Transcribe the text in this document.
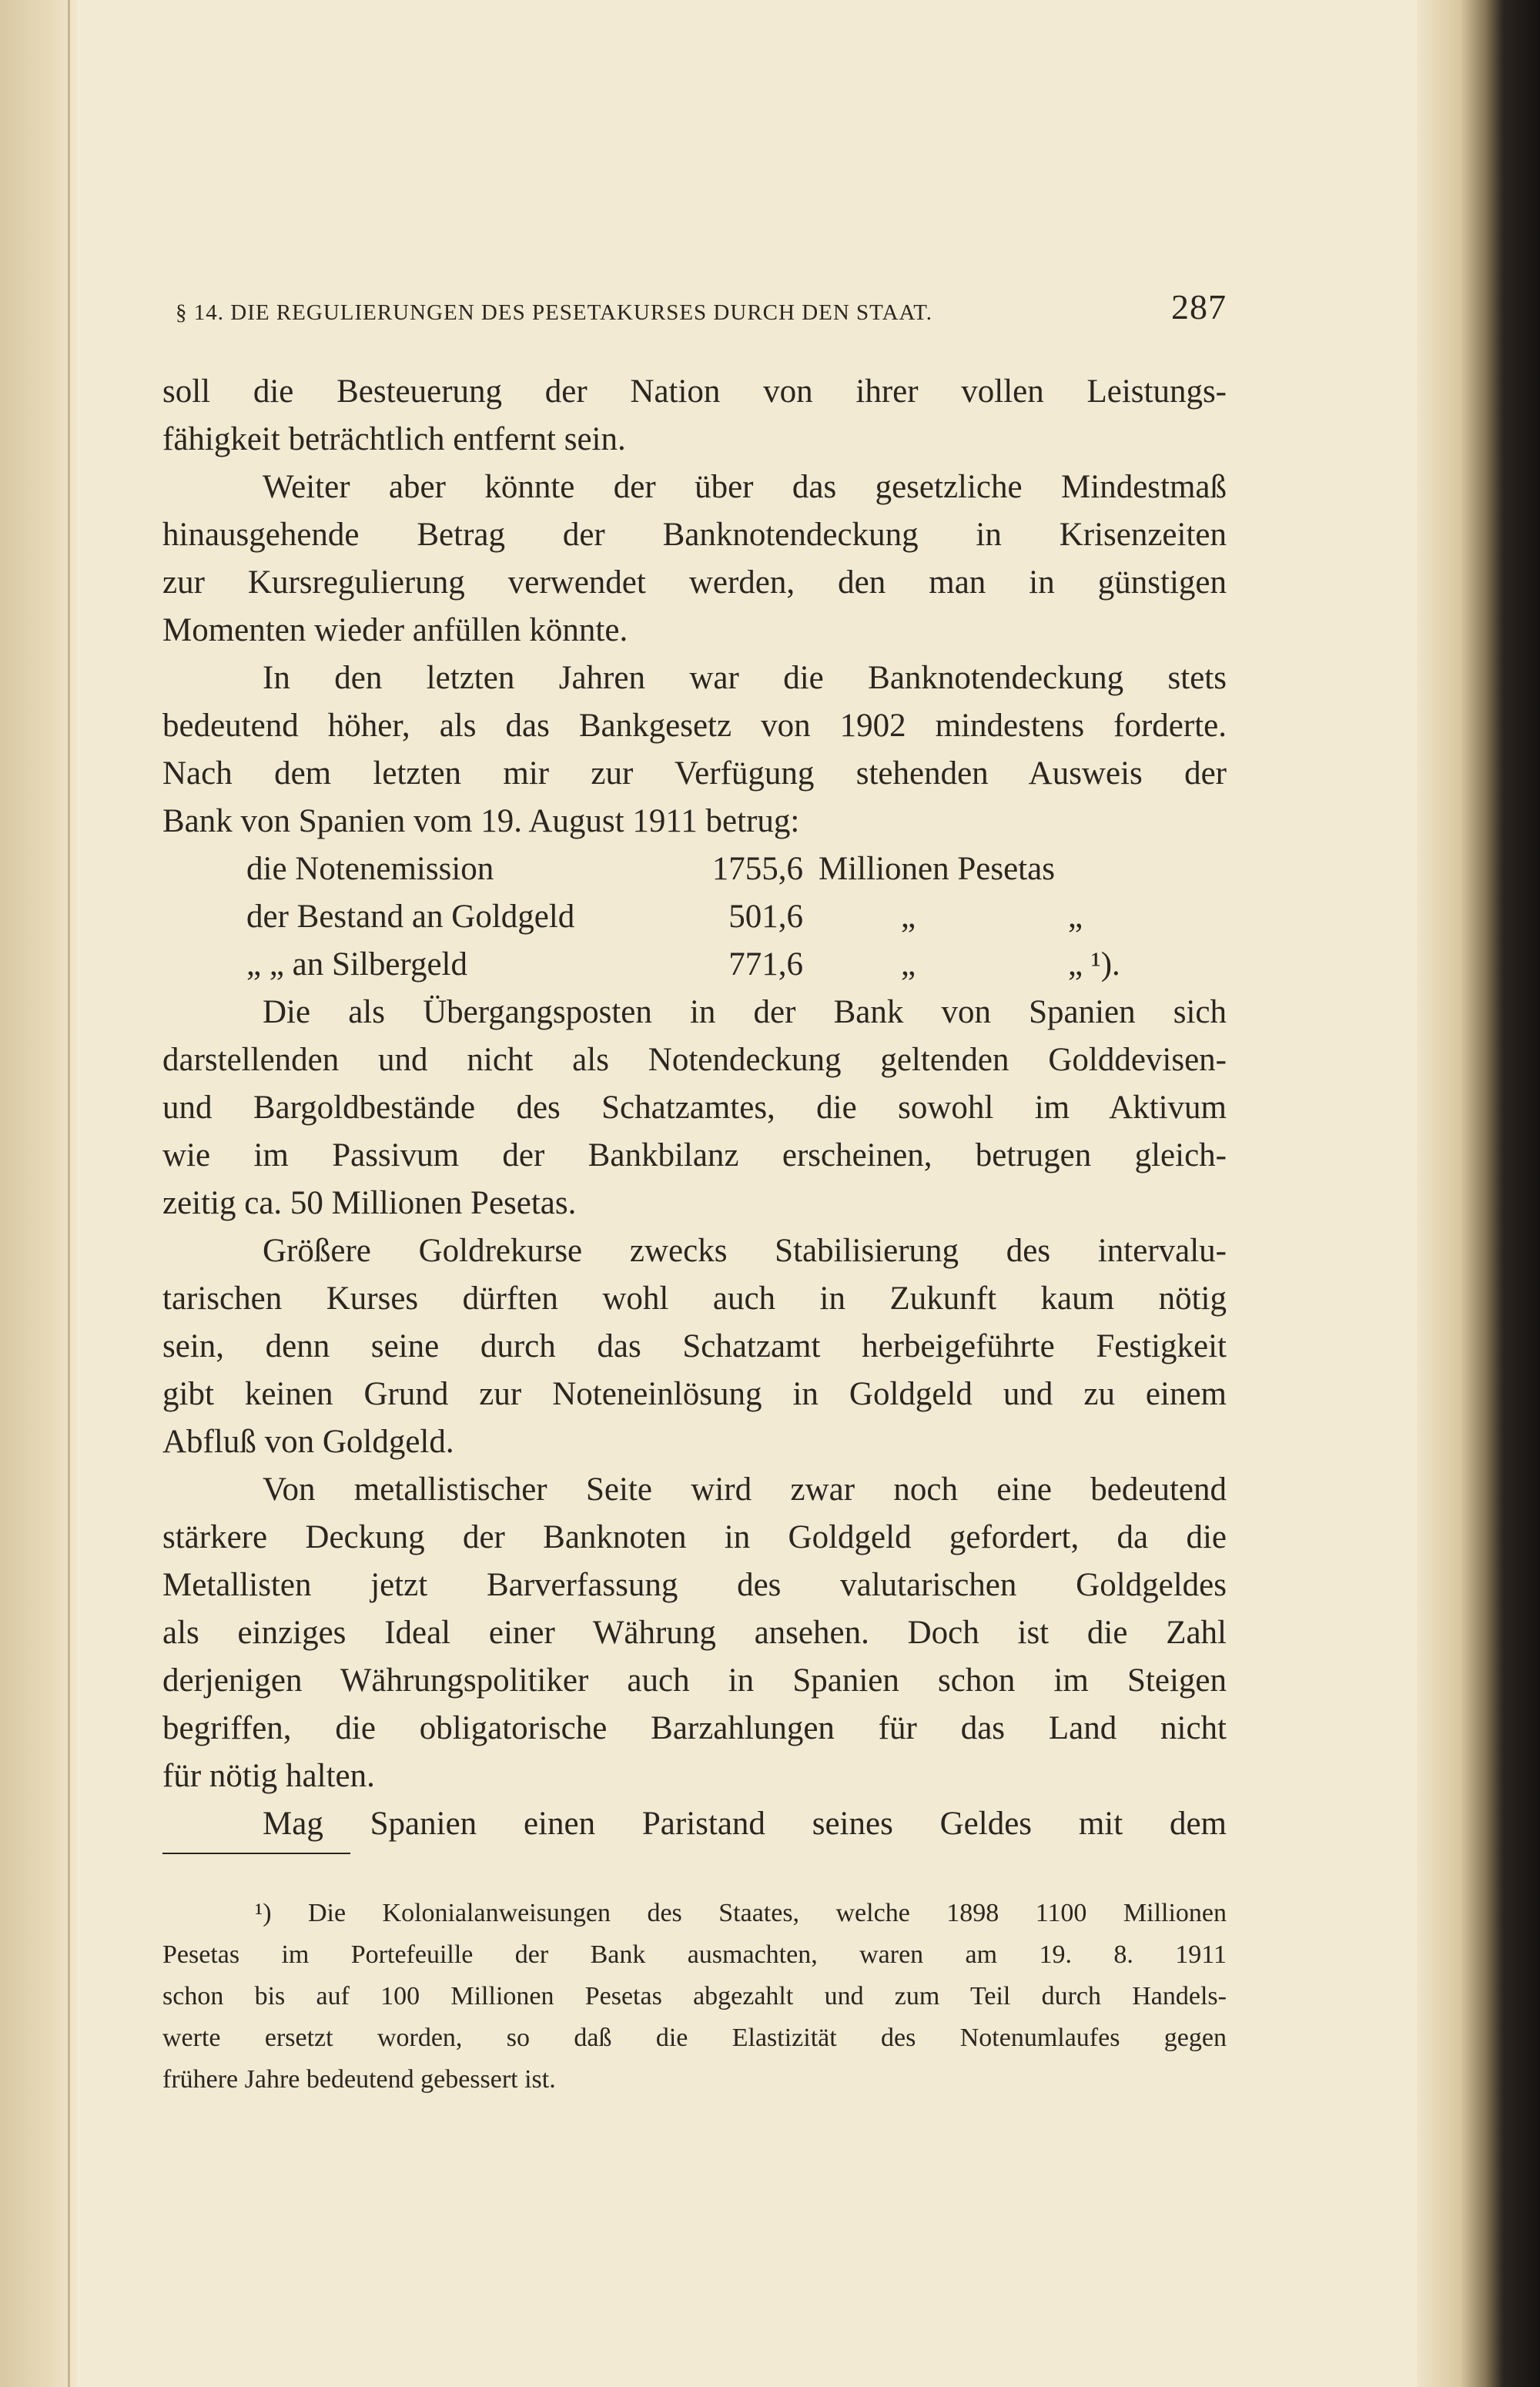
§ 14. DIE REGULIERUNGEN DES PESETAKURSES DURCH DEN STAAT.	287
soll die Besteuerung der Nation von ihrer vollen Leistungs-
fähigkeit beträchtlich entfernt sein.
Weiter aber könnte der über das gesetzliche Mindestmaß
hinausgehende Betrag der Banknotendeckung in Krisenzeiten
zur Kursregulierung verwendet werden, den man in günstigen
Momenten wieder anfüllen könnte.
In den letzten Jahren war die Banknotendeckung stets
bedeutend höher, als das Bankgesetz von 1902 mindestens forderte.
Nach dem letzten mir zur Verfügung stehenden Ausweis der
Bank von Spanien vom 19. August 1911 betrug:
die Notenemission	1755,6 Millionen Pesetas
der Bestand an Goldgeld	501,6	„	„
„ „ an Silbergeld	771,6	„	„ ¹).
Die als Übergangsposten in der Bank von Spanien sich
darstellenden und nicht als Notendeckung geltenden Golddevisen-
und Bargoldbestände des Schatzamtes, die sowohl im Aktivum
wie im Passivum der Bankbilanz erscheinen, betrugen gleich-
zeitig ca. 50 Millionen Pesetas.
Größere Goldrekurse zwecks Stabilisierung des intervalu-
tarischen Kurses dürften wohl auch in Zukunft kaum nötig
sein, denn seine durch das Schatzamt herbeigeführte Festigkeit
gibt keinen Grund zur Noteneinlösung in Goldgeld und zu einem
Abfluß von Goldgeld.
Von metallistischer Seite wird zwar noch eine bedeutend
stärkere Deckung der Banknoten in Goldgeld gefordert, da die
Metallisten jetzt Barverfassung des valutarischen Goldgeldes
als einziges Ideal einer Währung ansehen. Doch ist die Zahl
derjenigen Währungspolitiker auch in Spanien schon im Steigen
begriffen, die obligatorische Barzahlungen für das Land nicht
für nötig halten.
Mag Spanien einen Paristand seines Geldes mit dem
¹) Die Kolonialanweisungen des Staates, welche 1898 1100 Millionen
Pesetas im Portefeuille der Bank ausmachten, waren am 19. 8. 1911
schon bis auf 100 Millionen Pesetas abgezahlt und zum Teil durch Handels-
werte ersetzt worden, so daß die Elastizität des Notenumlaufes gegen
frühere Jahre bedeutend gebessert ist.
